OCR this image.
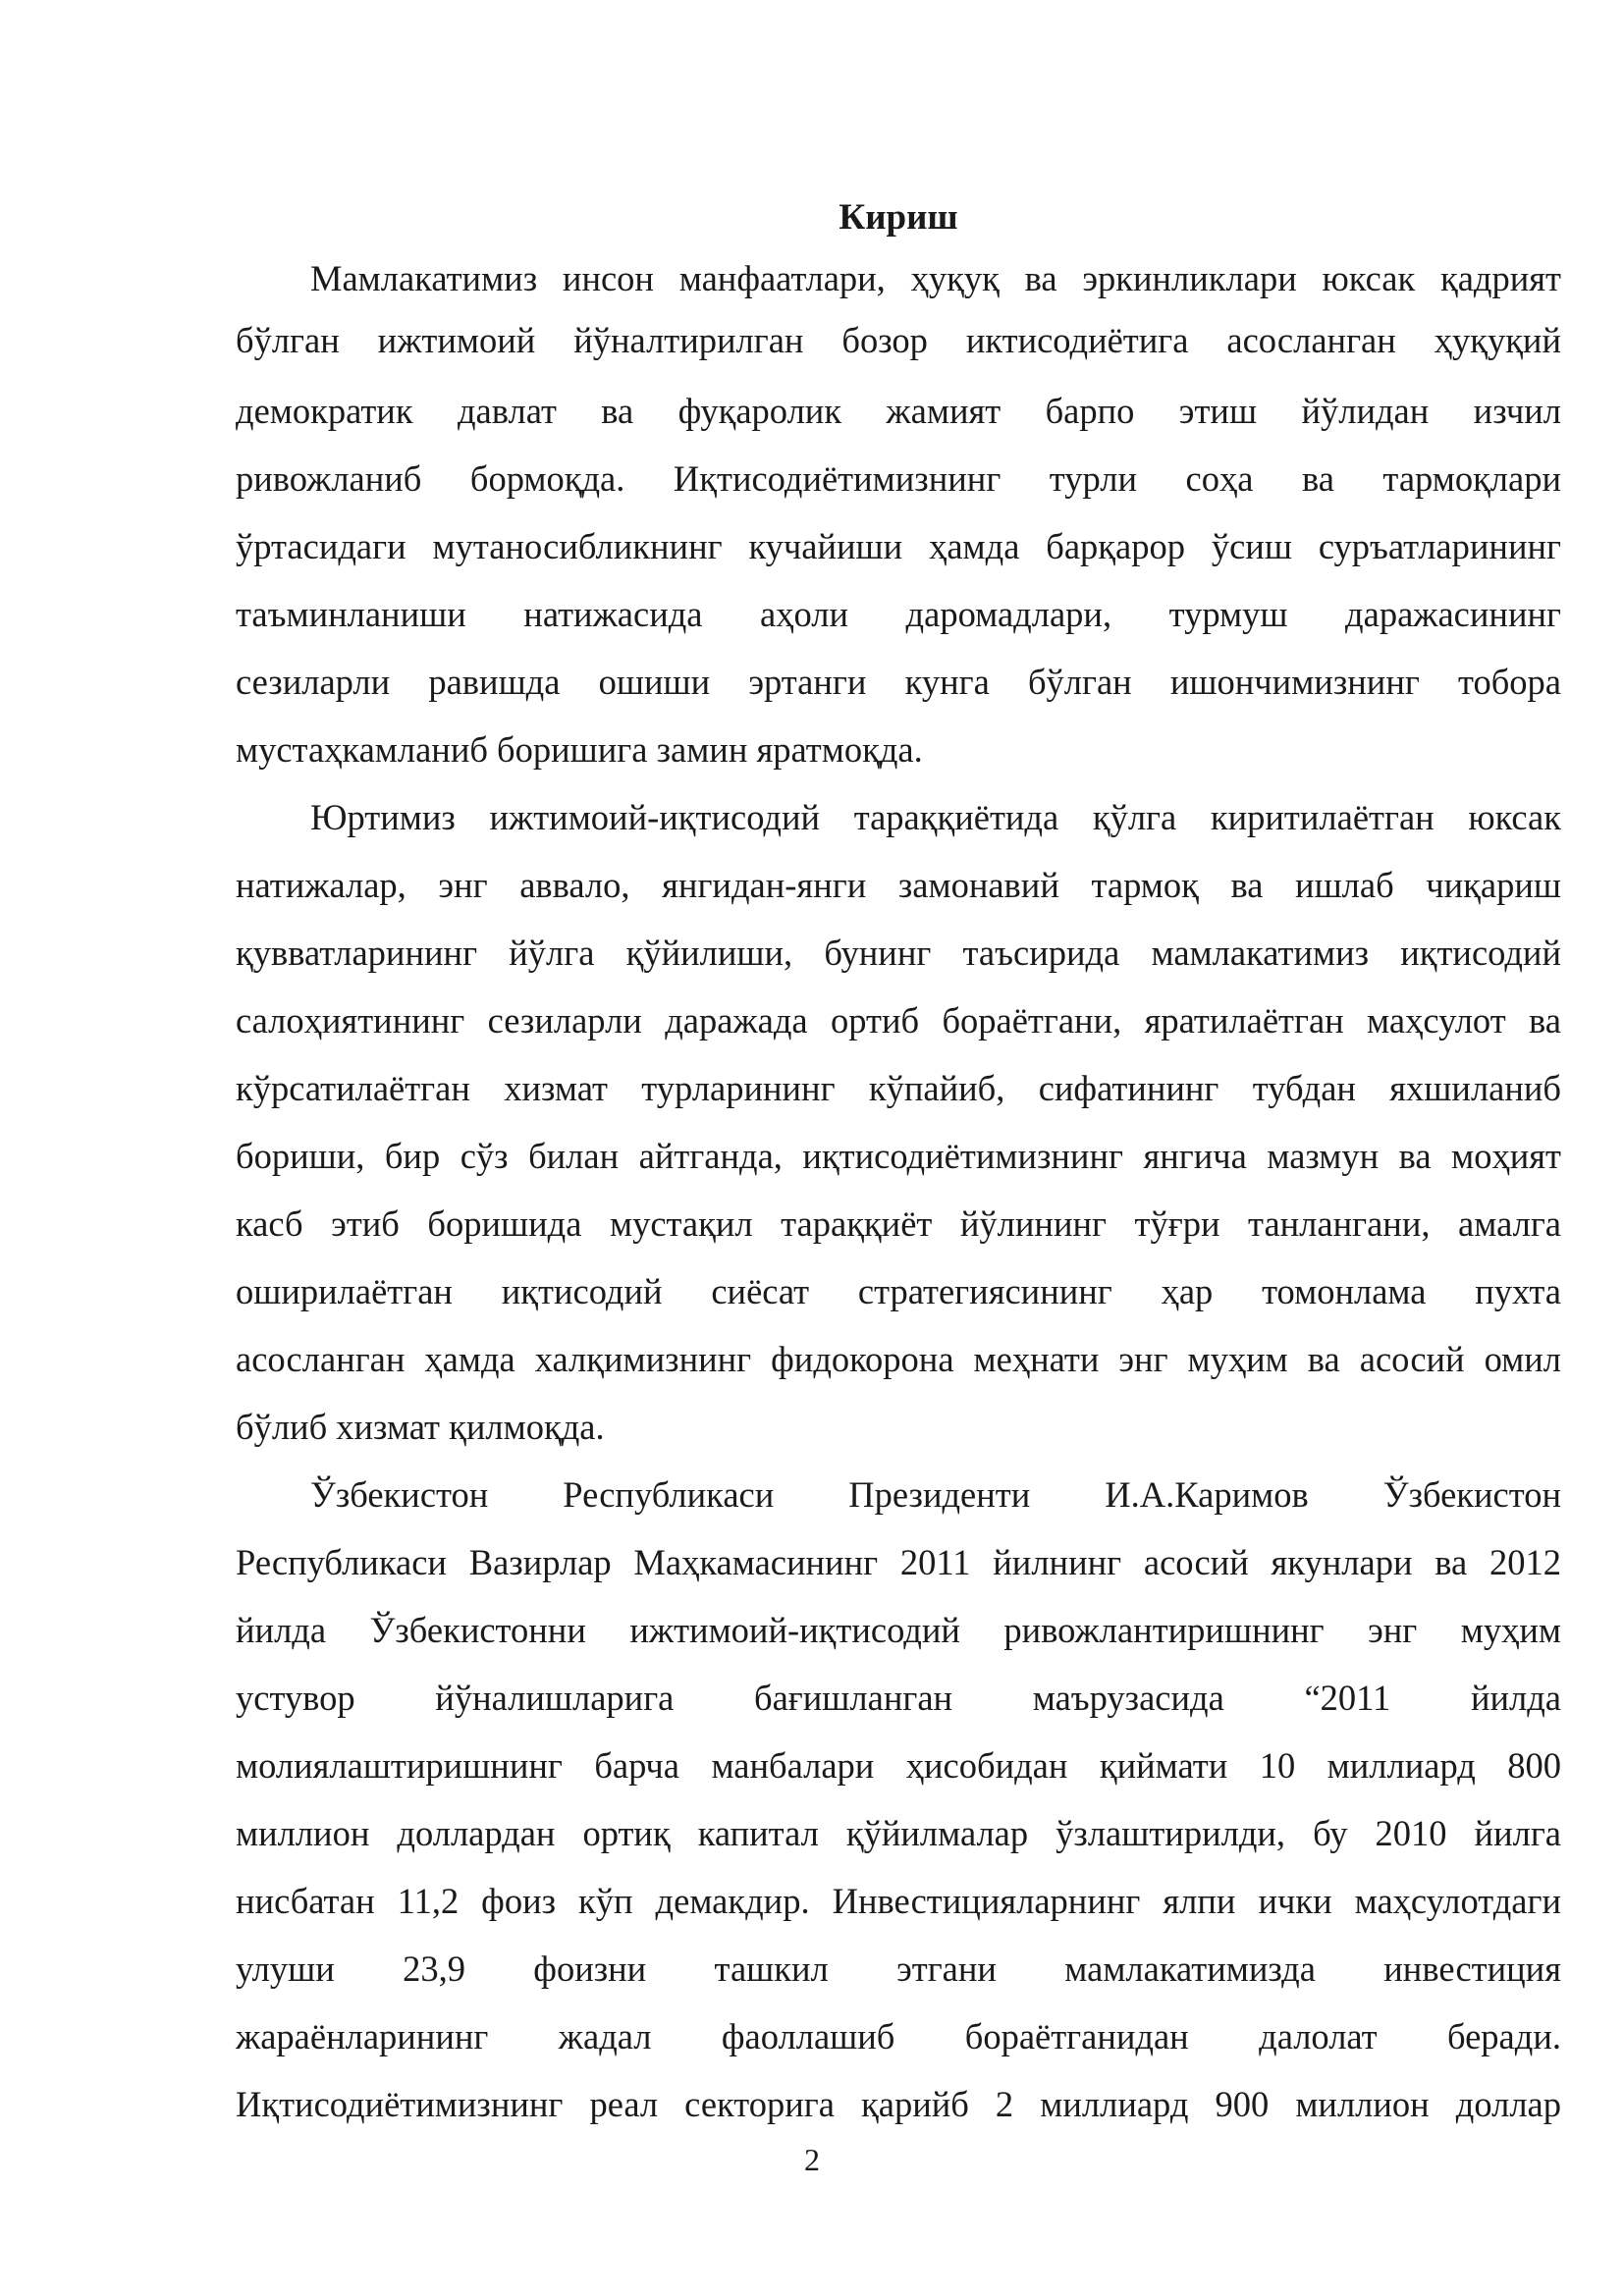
Кириш

Мамлакатимиз инсон манфаатлари, ҳуқуқ ва эркинликлари юксак қадрият

бўлган ижтимоий йўналтирилган бозор иктисодиётига асосланган ҳуқуқий

демократик давлат ва фуқаролик жамият барпо этиш йўлидан изчил

ривожланиб бормоқда. Иқтисодиётимизнинг турли соҳа ва тармоқлари

ўртасидаги мутаносибликнинг кучайиши ҳамда барқарор ўсиш суръатларининг

таъминланиши натижасида аҳоли даромадлари, турмуш даражасининг

сезиларли равишда ошиши эртанги кунга бўлган ишончимизнинг тобора

мустаҳкамланиб боришига замин яратмоқда.

Юртимиз ижтимоий-иқтисодий тараққиётида қўлга киритилаётган юксак

натижалар, энг аввало, янгидан-янги замонавий тармоқ ва ишлаб чиқариш

қувватларининг йўлга қўйилиши, бунинг таъсирида мамлакатимиз иқтисодий

салоҳиятининг сезиларли даражада ортиб бораётгани, яратилаётган маҳсулот ва

кўрсатилаётган хизмат турларининг кўпайиб, сифатининг тубдан яхшиланиб

бориши, бир сўз билан айтганда, иқтисодиётимизнинг янгича мазмун ва моҳият

касб этиб боришида мустақил тараққиёт йўлининг тўғри танлангани, амалга

оширилаётган иқтисодий сиёсат стратегиясининг ҳар томонлама пухта

асосланган ҳамда халқимизнинг фидокорона меҳнати энг муҳим ва асосий омил

бўлиб хизмат қилмоқда.

Ўзбекистон Республикаси Президенти И.А.Каримов Ўзбекистон

Республикаси Вазирлар Маҳкамасининг 2011 йилнинг асосий якунлари ва 2012

йилда Ўзбекистонни ижтимоий-иқтисодий ривожлантиришнинг энг муҳим

устувор йўналишларига бағишланган маърузасида “2011 йилда

молиялаштиришнинг барча манбалари ҳисобидан қиймати 10 миллиард 800

миллион доллардан ортиқ капитал қўйилмалар ўзлаштирилди, бу 2010 йилга

нисбатан 11,2 фоиз кўп демакдир. Инвестицияларнинг ялпи ички маҳсулотдаги

улуши 23,9 фоизни ташкил этгани мамлакатимизда инвестиция

жараёнларининг жадал фаоллашиб бораётганидан далолат беради.

Иқтисодиётимизнинг реал секторига қарийб 2 миллиард 900 миллион доллар

2
